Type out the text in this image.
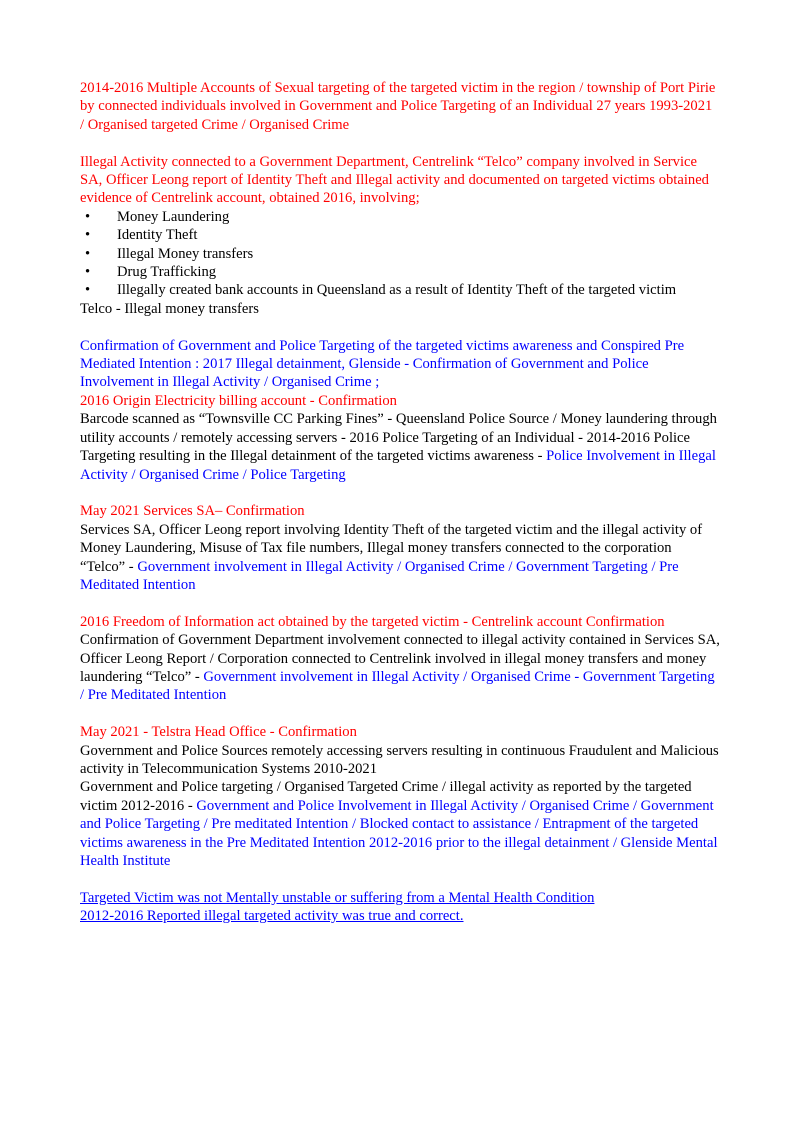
2014-2016 Multiple Accounts of Sexual targeting of the targeted victim in the region / township of Port Pirie by connected individuals involved in Government and Police Targeting of an Individual 27 years 1993-2021 / Organised targeted Crime / Organised Crime

Illegal Activity connected to a Government Department, Centrelink “Telco” company involved in Service SA, Officer Leong report of Identity Theft and Illegal activity and documented on targeted victims obtained evidence of Centrelink account, obtained 2016, involving;

• Money Laundering
• Identity Theft
• Illegal Money transfers
• Drug Trafficking
• Illegally created bank accounts in Queensland as a result of Identity Theft of the targeted victim

Telco - Illegal money transfers

Confirmation of Government and Police Targeting of the targeted victims awareness and Conspired Pre Mediated Intention : 2017 Illegal detainment, Glenside - Confirmation of Government and Police Involvement in Illegal Activity / Organised Crime ;

2016 Origin Electricity billing account - Confirmation

Barcode scanned as “Townsville CC Parking Fines” - Queensland Police Source / Money laundering through utility accounts / remotely accessing servers - 2016 Police Targeting of an Individual - 2014-2016 Police Targeting resulting in the Illegal detainment of the targeted victims awareness - Police Involvement in Illegal Activity / Organised Crime / Police Targeting

May 2021 Services SA– Confirmation

Services SA, Officer Leong report involving Identity Theft of the targeted victim and the illegal activity of Money Laundering, Misuse of Tax file numbers, Illegal money transfers connected to the corporation “Telco” - Government involvement in Illegal Activity / Organised Crime / Government Targeting / Pre Meditated Intention

2016 Freedom of Information act obtained by the targeted victim - Centrelink account Confirmation

Confirmation of Government Department involvement connected to illegal activity contained in Services SA, Officer Leong Report / Corporation connected to Centrelink involved in illegal money transfers and money laundering “Telco” - Government involvement in Illegal Activity / Organised Crime - Government Targeting / Pre Meditated Intention

May 2021 - Telstra Head Office - Confirmation

Government and Police Sources remotely accessing servers resulting in continuous Fraudulent and Malicious activity in Telecommunication Systems 2010-2021

Government and Police targeting / Organised Targeted Crime / illegal activity as reported by the targeted victim 2012-2016 - Government and Police Involvement in Illegal Activity / Organised Crime / Government and Police Targeting / Pre meditated Intention / Blocked contact to assistance / Entrapment of the targeted victims awareness in the Pre Meditated Intention 2012-2016 prior to the illegal detainment / Glenside Mental Health Institute

Targeted Victim was not Mentally unstable or suffering from a Mental Health Condition

2012-2016 Reported illegal targeted activity was true and correct.
